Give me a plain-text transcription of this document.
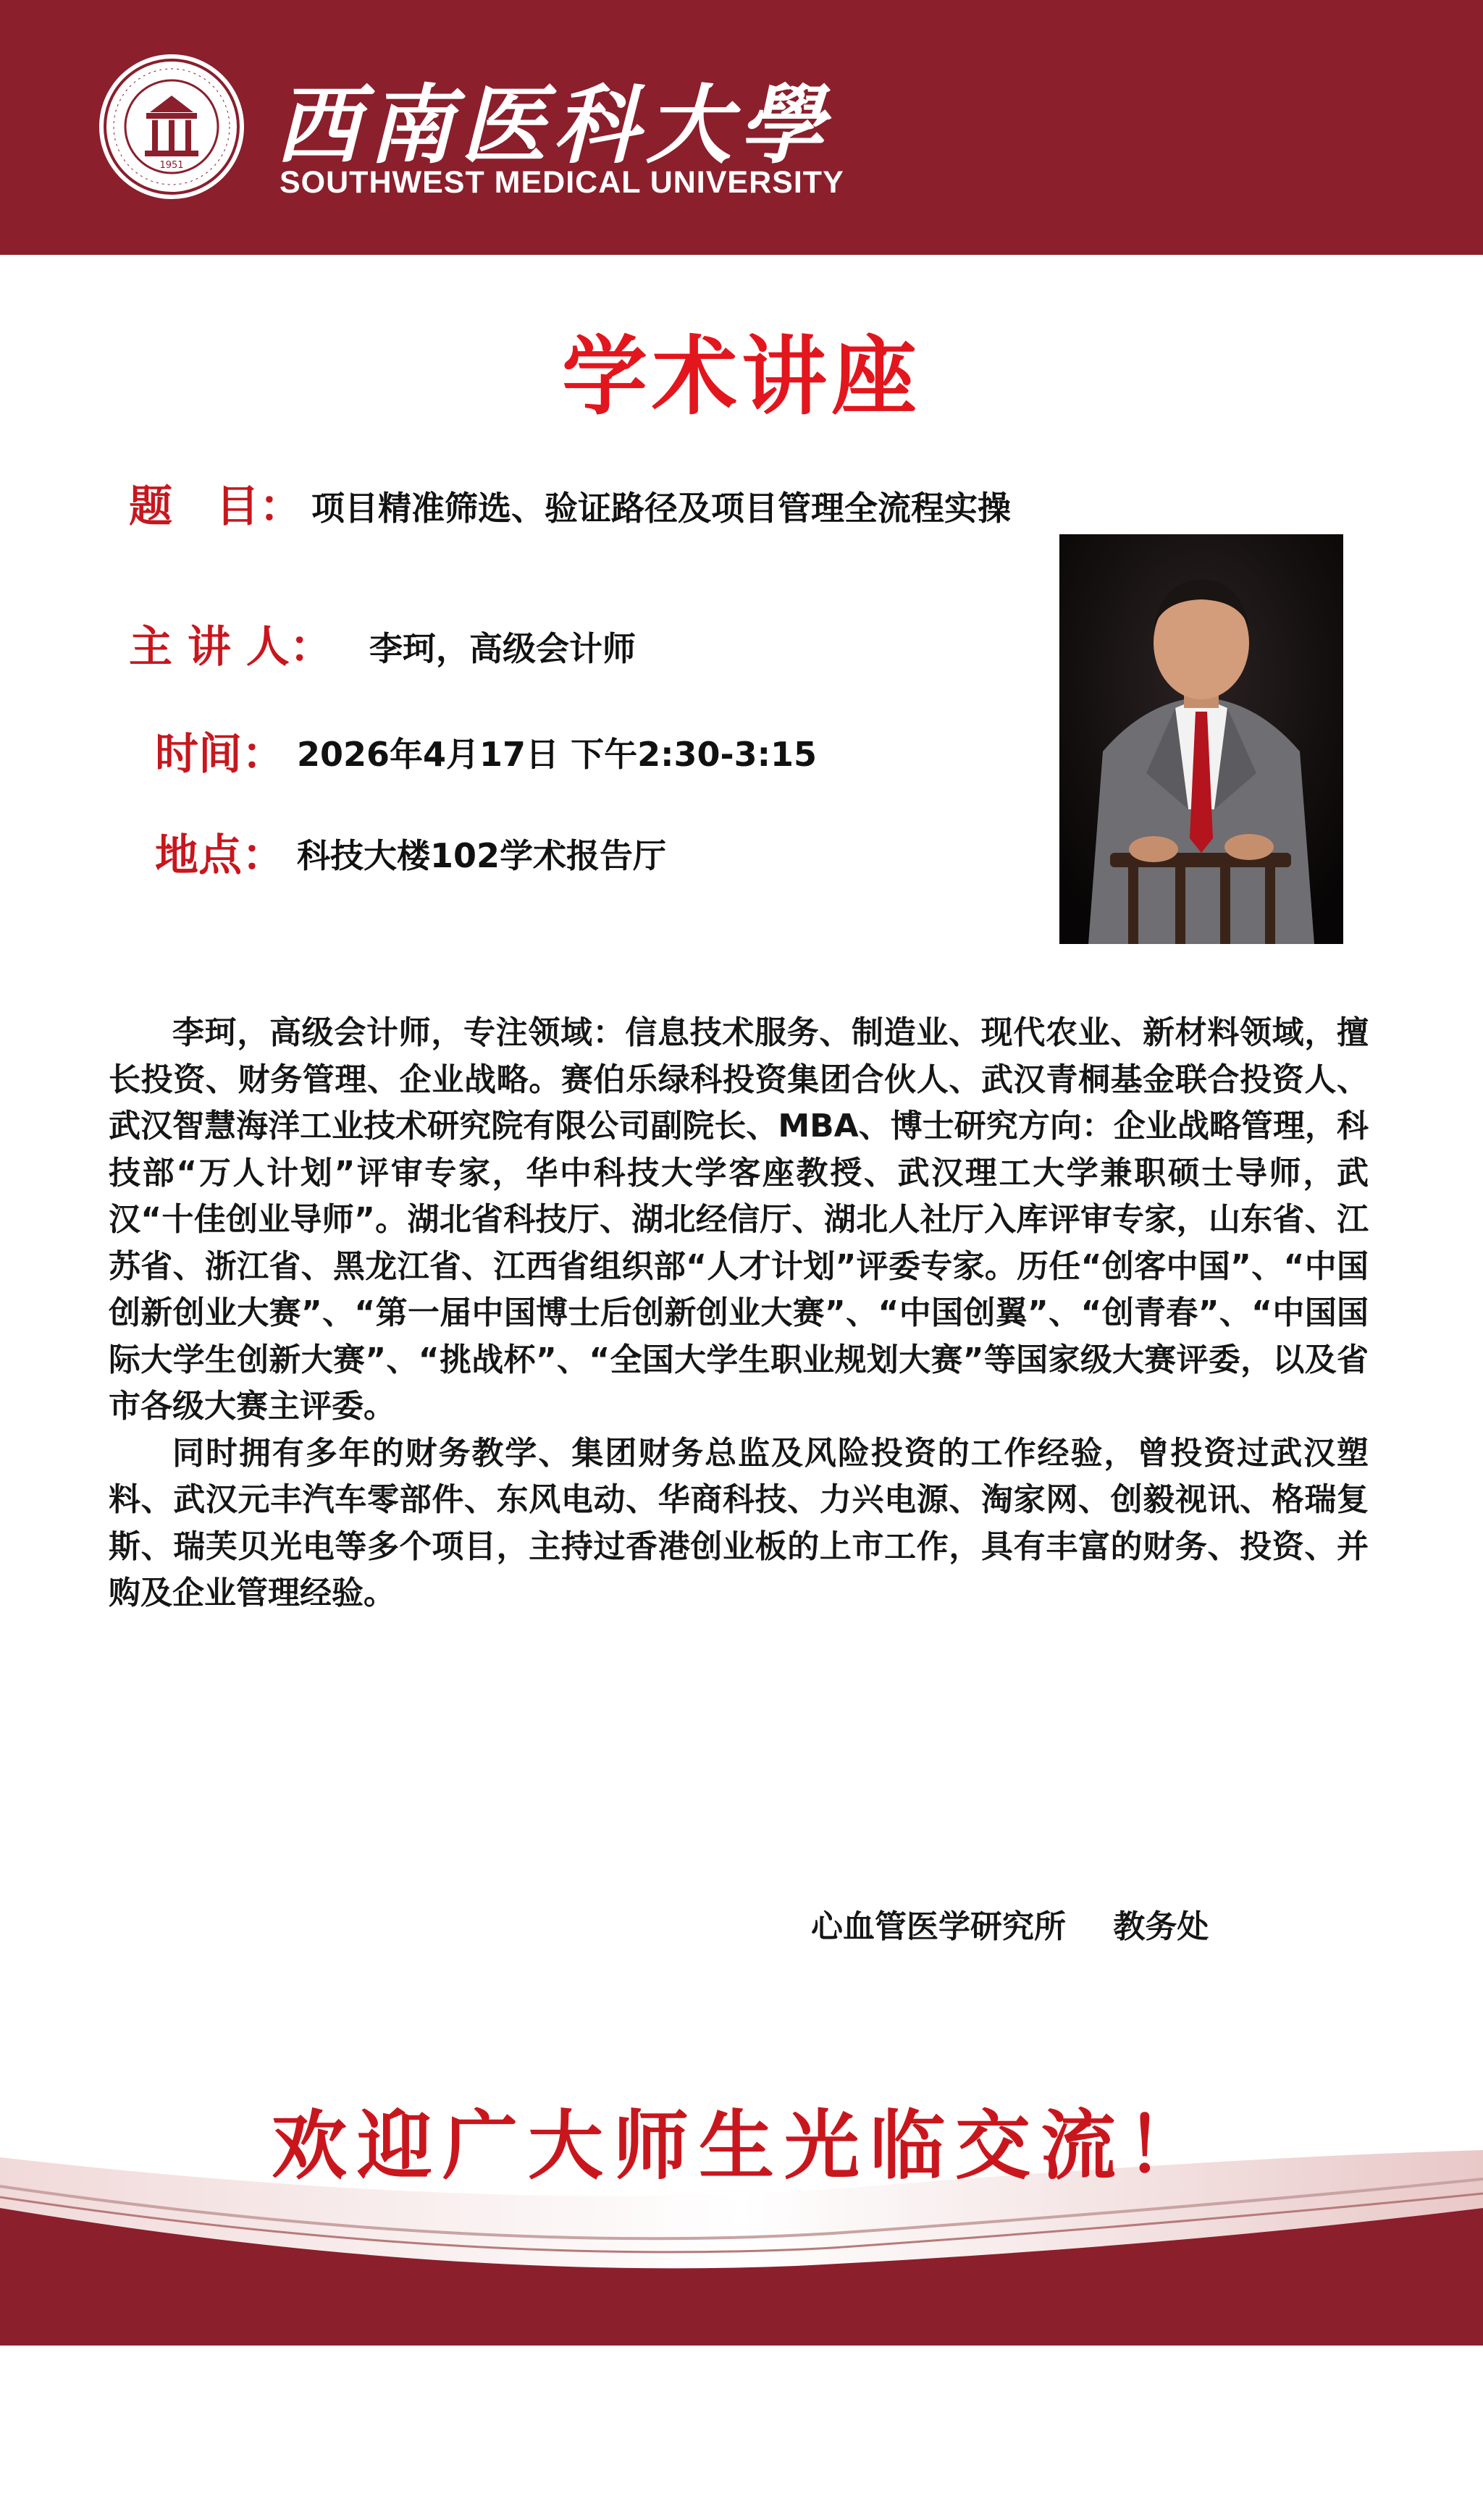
1951 西南医科大學
SOUTHWEST MEDICAL UNIVERSITY
学术讲座
题　目： 项目精准筛选、验证路径及项目管理全流程实操
主 讲 人： 李珂，高级会计师
时间： 2026年4月17日 下午2:30-3:15
地点： 科技大楼102学术报告厅

李珂，高级会计师，专注领域：信息技术服务、制造业、现代农业、新材料领域，擅长投资、财务管理、企业战略。赛伯乐绿科投资集团合伙人、武汉青桐基金联合投资人、武汉智慧海洋工业技术研究院有限公司副院长、MBA、博士研究方向：企业战略管理，科技部“万人计划”评审专家，华中科技大学客座教授、武汉理工大学兼职硕士导师，武汉“十佳创业导师”。湖北省科技厅、湖北经信厅、湖北人社厅入库评审专家，山东省、江苏省、浙江省、黑龙江省、江西省组织部“人才计划”评委专家。历任“创客中国”、“中国创新创业大赛”、“第一届中国博士后创新创业大赛”、“中国创翼”、“创青春”、“中国国际大学生创新大赛”、“挑战杯”、“全国大学生职业规划大赛”等国家级大赛评委，以及省市各级大赛主评委。

同时拥有多年的财务教学、集团财务总监及风险投资的工作经验，曾投资过武汉塑料、武汉元丰汽车零部件、东风电动、华商科技、力兴电源、淘家网、创毅视讯、格瑞复斯、瑞芙贝光电等多个项目，主持过香港创业板的上市工作，具有丰富的财务、投资、并购及企业管理经验。

心血管医学研究所 教务处
欢迎广大师生光临交流！
